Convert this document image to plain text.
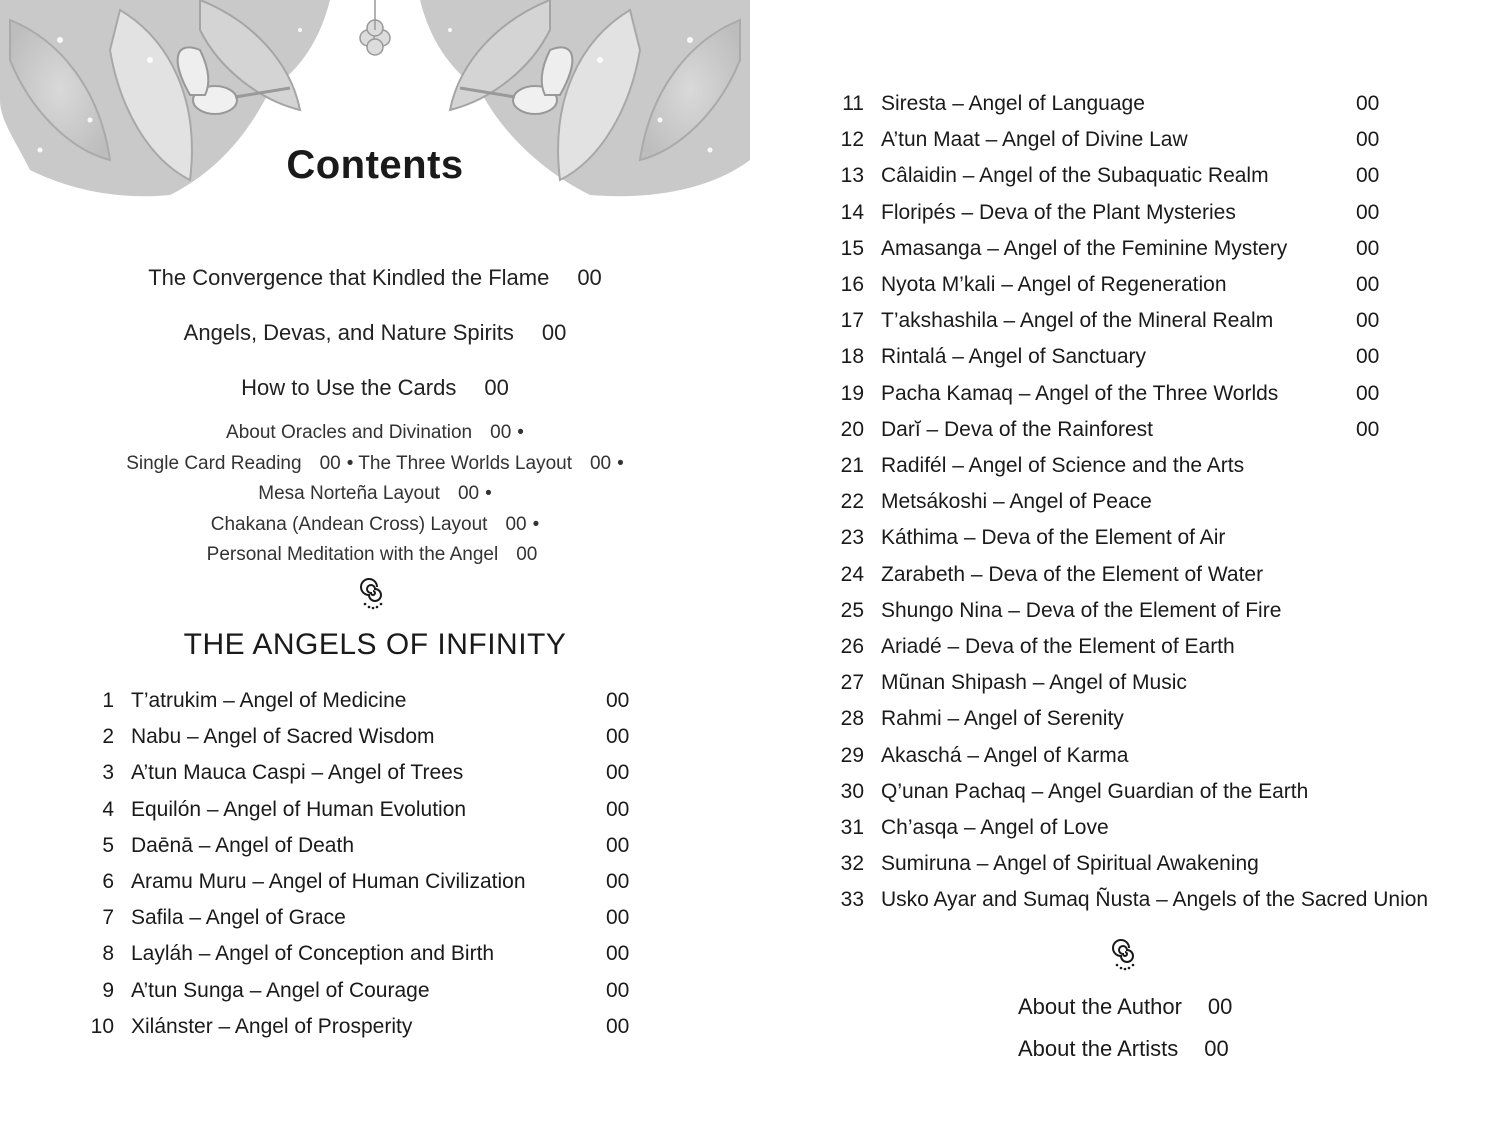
Contents
The Convergence that Kindled the Flame 00
Angels, Devas, and Nature Spirits 00
How to Use the Cards 00
About Oracles and Divination 00 • Single Card Reading 00 • The Three Worlds Layout 00 • Mesa Norteña Layout 00 • Chakana (Andean Cross) Layout 00 • Personal Meditation with the Angel 00
THE ANGELS OF INFINITY
1 T’atrukim – Angel of Medicine	00
2 Nabu – Angel of Sacred Wisdom	00
3 A’tun Mauca Caspi – Angel of Trees	00
4 Equilón – Angel of Human Evolution	00
5 Daēnā – Angel of Death	00
6 Aramu Muru – Angel of Human Civilization	00
7 Safila – Angel of Grace	00
8 Layláh – Angel of Conception and Birth	00
9 A’tun Sunga – Angel of Courage	00
10 Xilánster – Angel of Prosperity	00
11 Siresta – Angel of Language	00
12 A’tun Maat – Angel of Divine Law	00
13 Câlaidin – Angel of the Subaquatic Realm	00
14 Floripés – Deva of the Plant Mysteries	00
15 Amasanga – Angel of the Feminine Mystery	00
16 Nyota M’kali – Angel of Regeneration	00
17 T’akshashila – Angel of the Mineral Realm	00
18 Rintalá – Angel of Sanctuary	00
19 Pacha Kamaq – Angel of the Three Worlds	00
20 Darĭ – Deva of the Rainforest	00
21 Radifél – Angel of Science and the Arts
22 Metsákoshi – Angel of Peace
23 Káthima – Deva of the Element of Air
24 Zarabeth – Deva of the Element of Water
25 Shungo Nina – Deva of the Element of Fire
26 Ariadé – Deva of the Element of Earth
27 Mũnan Shipash – Angel of Music
28 Rahmi – Angel of Serenity
29 Akaschá – Angel of Karma
30 Q’unan Pachaq – Angel Guardian of the Earth
31 Ch’asqa – Angel of Love
32 Sumiruna – Angel of Spiritual Awakening
33 Usko Ayar and Sumaq Ñusta – Angels of the Sacred Union
About the Author 00
About the Artists 00
